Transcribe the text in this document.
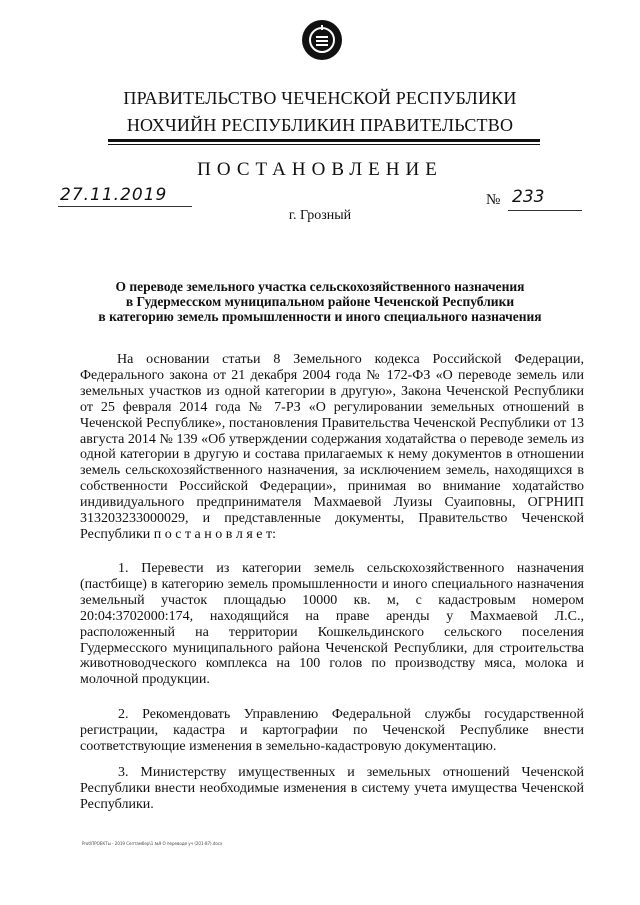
ПРАВИТЕЛЬСТВО ЧЕЧЕНСКОЙ РЕСПУБЛИКИ
НОХЧИЙН РЕСПУБЛИКИН ПРАВИТЕЛЬСТВО
ПОСТАНОВЛЕНИЕ
27.11.2019	№ 233
г. Грозный
О переводе земельного участка сельскохозяйственного назначения
в Гудермесском муниципальном районе Чеченской Республики
в категорию земель промышленности и иного специального назначения
На основании статьи 8 Земельного кодекса Российской Федерации, Федерального закона от 21 декабря 2004 года № 172-ФЗ «О переводе земель или земельных участков из одной категории в другую», Закона Чеченской Республики от 25 февраля 2014 года № 7-РЗ «О регулировании земельных отношений в Чеченской Республике», постановления Правительства Чеченской Республики от 13 августа 2014 № 139 «Об утверждении содержания ходатайства о переводе земель из одной категории в другую и состава прилагаемых к нему документов в отношении земель сельскохозяйственного назначения, за исключением земель, находящихся в собственности Российской Федерации», принимая во внимание ходатайство индивидуального предпринимателя Махмаевой Луизы Суаиповны, ОГРНИП 313203233000029, и представленные документы, Правительство Чеченской Республики п о с т а н о в л я е т:
1. Перевести из категории земель сельскохозяйственного назначения (пастбище) в категорию земель промышленности и иного специального назначения земельный участок площадью 10000 кв. м, с кадастровым номером 20:04:3702000:174, находящийся на праве аренды у Махмаевой Л.С., расположенный на территории Кошкельдинского сельского поселения Гудермесского муниципального района Чеченской Республики, для строительства животноводческого комплекса на 100 голов по производству мяса, молока и молочной продукции.
2. Рекомендовать Управлению Федеральной службы государственной регистрации, кадастра и картографии по Чеченской Республике внести соответствующие изменения в земельно-кадастровую документацию.
3. Министерству имущественных и земельных отношений Чеченской Республики внести необходимые изменения в систему учета имущества Чеченской Республики.
Prot\ПРОЕКТы - 2019 Септамбер\1 №9 О переводе уч (201-87).docx
